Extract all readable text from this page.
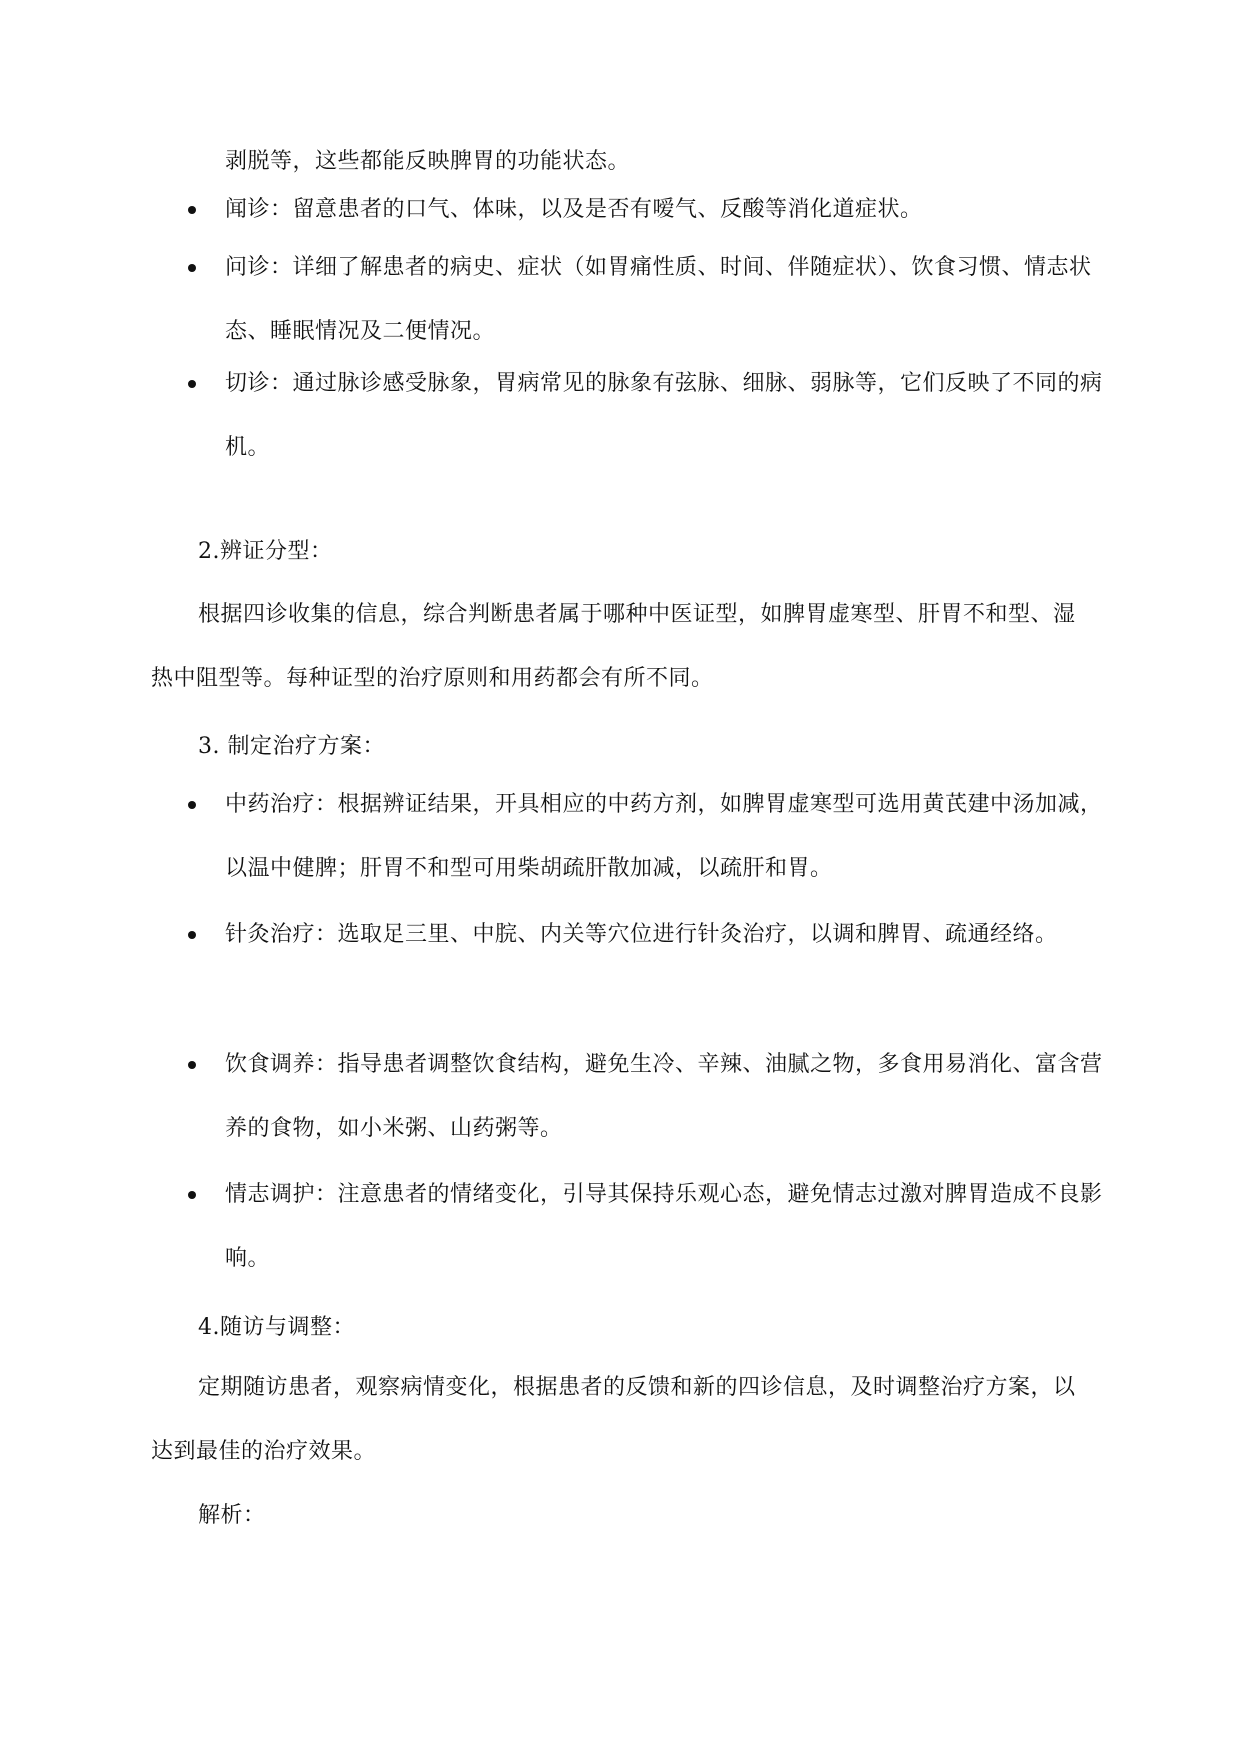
剥脱等，这些都能反映脾胃的功能状态。
闻诊：留意患者的口气、体味，以及是否有嗳气、反酸等消化道症状。
问诊：详细了解患者的病史、症状（如胃痛性质、时间、伴随症状）、饮食习惯、情志状态、睡眠情况及二便情况。
切诊：通过脉诊感受脉象，胃病常见的脉象有弦脉、细脉、弱脉等，它们反映了不同的病机。
2.辨证分型：
根据四诊收集的信息，综合判断患者属于哪种中医证型，如脾胃虚寒型、肝胃不和型、湿热中阻型等。每种证型的治疗原则和用药都会有所不同。
3. 制定治疗方案：
中药治疗：根据辨证结果，开具相应的中药方剂，如脾胃虚寒型可选用黄芪建中汤加减，以温中健脾；肝胃不和型可用柴胡疏肝散加减，以疏肝和胃。
针灸治疗：选取足三里、中脘、内关等穴位进行针灸治疗，以调和脾胃、疏通经络。
饮食调养：指导患者调整饮食结构，避免生冷、辛辣、油腻之物，多食用易消化、富含营养的食物，如小米粥、山药粥等。
情志调护：注意患者的情绪变化，引导其保持乐观心态，避免情志过激对脾胃造成不良影响。
4.随访与调整：
定期随访患者，观察病情变化，根据患者的反馈和新的四诊信息，及时调整治疗方案，以达到最佳的治疗效果。
解析：
